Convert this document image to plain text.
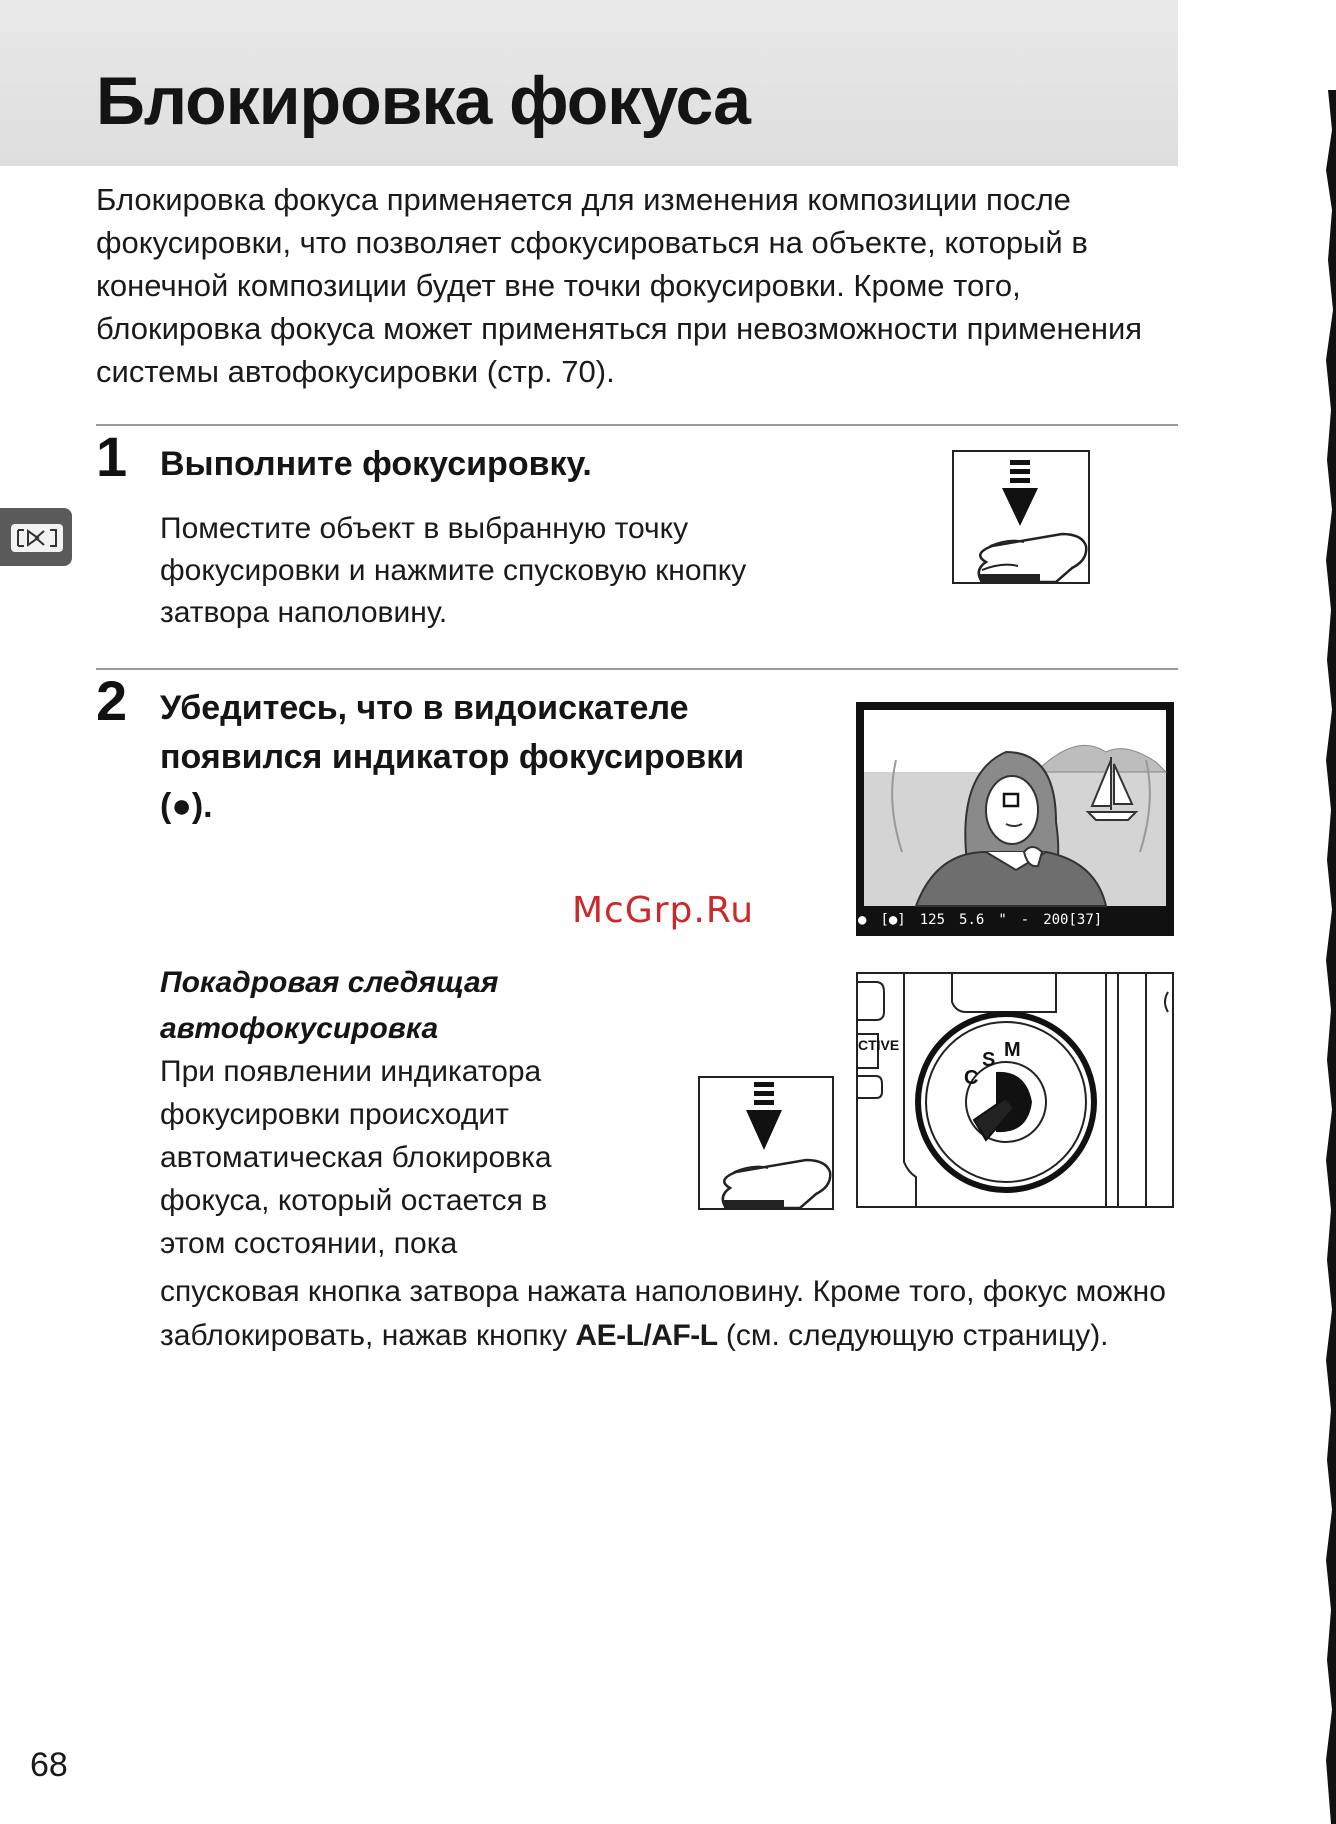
Блокировка фокуса

Блокировка фокуса применяется для изменения композиции после фокусировки, что позволяет сфокусироваться на объекте, который в конечной композиции будет вне точки фокусировки. Кроме того, блокировка фокуса может применяться при невозможности применения системы автофокусировки (стр. 70).

1 Выполните фокусировку.

Поместите объект в выбранную точку фокусировки и нажмите спусковую кнопку затвора наполовину.

2 Убедитесь, что в видоискателе появился индикатор фокусировки (●).
● [●] 125 5.6 " - 200[37]
McGrp.Ru
Покадровая следящая автофокусировка

При появлении индикатора
фокусировки происходит
автоматическая блокировка
фокуса, который остается в
этом состоянии, пока

спусковая кнопка затвора нажата наполовину. Кроме того, фокус можно заблокировать, нажав кнопку AE-L/AF-L (см. следующую страницу).

CTIVE
C
S M
68
